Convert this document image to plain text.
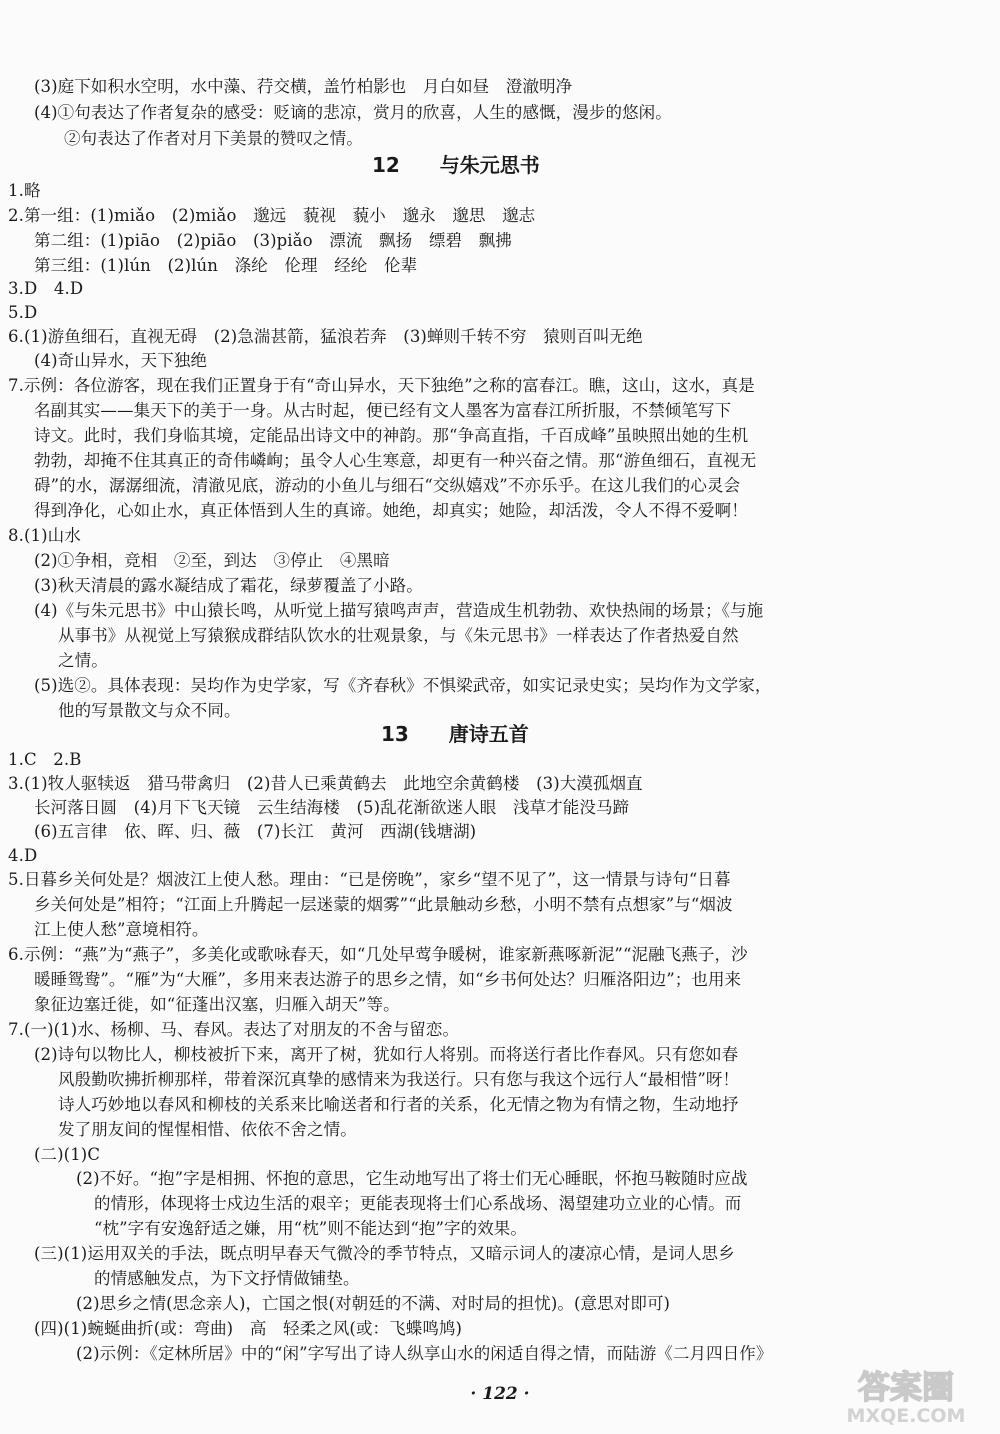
(3)庭下如积水空明，水中藻、荇交横，盖竹柏影也　月白如昼　澄澈明净
(4)①句表达了作者复杂的感受：贬谪的悲凉，赏月的欣喜，人生的感慨，漫步的悠闲。
②句表达了作者对月下美景的赞叹之情。
1.略
2.第一组：(1)miǎo　(2)miǎo　邈远　藐视　藐小　邈永　邈思　邈志
第二组：(1)piāo　(2)piāo　(3)piǎo　漂流　飘扬　缥碧　飘拂
第三组：(1)lún　(2)lún　涤纶　伦理　经纶　伦辈
3.D　4.D
5.D
6.(1)游鱼细石，直视无碍　(2)急湍甚箭，猛浪若奔　(3)蝉则千转不穷　猿则百叫无绝
(4)奇山异水，天下独绝
7.示例：各位游客，现在我们正置身于有“奇山异水，天下独绝”之称的富春江。瞧，这山，这水，真是
名副其实——集天下的美于一身。从古时起，便已经有文人墨客为富春江所折服，不禁倾笔写下
诗文。此时，我们身临其境，定能品出诗文中的神韵。那“争高直指，千百成峰”虽映照出她的生机
勃勃，却掩不住其真正的奇伟嶙峋；虽令人心生寒意，却更有一种兴奋之情。那“游鱼细石，直视无
碍”的水，潺潺细流，清澈见底，游动的小鱼儿与细石“交纵嬉戏”不亦乐乎。在这儿我们的心灵会
得到净化，心如止水，真正体悟到人生的真谛。她绝，却真实；她险，却活泼，令人不得不爱啊！
8.(1)山水
(2)①争相，竞相　②至，到达　③停止　④黑暗
(3)秋天清晨的露水凝结成了霜花，绿萝覆盖了小路。
(4)《与朱元思书》中山猿长鸣，从听觉上描写猿鸣声声，营造成生机勃勃、欢快热闹的场景；《与施
从事书》从视觉上写猿猴成群结队饮水的壮观景象，与《朱元思书》一样表达了作者热爱自然
之情。
(5)选②。具体表现：吴均作为史学家，写《齐春秋》不惧梁武帝，如实记录史实；吴均作为文学家，
他的写景散文与众不同。
1.C　2.B
3.(1)牧人驱犊返　猎马带禽归　(2)昔人已乘黄鹤去　此地空余黄鹤楼　(3)大漠孤烟直
长河落日圆　(4)月下飞天镜　云生结海楼　(5)乱花渐欲迷人眼　浅草才能没马蹄
(6)五言律　依、晖、归、薇　(7)长江　黄河　西湖(钱塘湖)
4.D
5.日暮乡关何处是？烟波江上使人愁。理由：“已是傍晚”，家乡“望不见了”，这一情景与诗句“日暮
乡关何处是”相符；“江面上升腾起一层迷蒙的烟雾”“此景触动乡愁，小明不禁有点想家”与“烟波
江上使人愁”意境相符。
6.示例：“燕”为“燕子”，多美化或歌咏春天，如“几处早莺争暖树，谁家新燕啄新泥”“泥融飞燕子，沙
暖睡鸳鸯”。“雁”为“大雁”，多用来表达游子的思乡之情，如“乡书何处达？归雁洛阳边”；也用来
象征边塞迁徙，如“征蓬出汉塞，归雁入胡天”等。
7.(一)(1)水、杨柳、马、春风。表达了对朋友的不舍与留恋。
(2)诗句以物比人，柳枝被折下来，离开了树，犹如行人将别。而将送行者比作春风。只有您如春
风殷勤吹拂折柳那样，带着深沉真挚的感情来为我送行。只有您与我这个远行人“最相惜”呀！
诗人巧妙地以春风和柳枝的关系来比喻送者和行者的关系，化无情之物为有情之物，生动地抒
发了朋友间的惺惺相惜、依依不舍之情。
(二)(1)C
(2)不好。“抱”字是相拥、怀抱的意思，它生动地写出了将士们无心睡眠，怀抱马鞍随时应战
的情形，体现将士戍边生活的艰辛；更能表现将士们心系战场、渴望建功立业的心情。而
“枕”字有安逸舒适之嫌，用“枕”则不能达到“抱”字的效果。
(三)(1)运用双关的手法，既点明早春天气微冷的季节特点，又暗示词人的凄凉心情，是词人思乡
的情感触发点，为下文抒情做铺垫。
(2)思乡之情(思念亲人)，亡国之恨(对朝廷的不满、对时局的担忧)。(意思对即可)
(四)(1)蜿蜒曲折(或：弯曲)　高　轻柔之风(或：飞蝶鸣鸠)
(2)示例：《定林所居》中的“闲”字写出了诗人纵享山水的闲适自得之情，而陆游《二月四日作》
12 与朱元思书
13 唐诗五首
· 122 ·	答案圈
MXQE.COM
